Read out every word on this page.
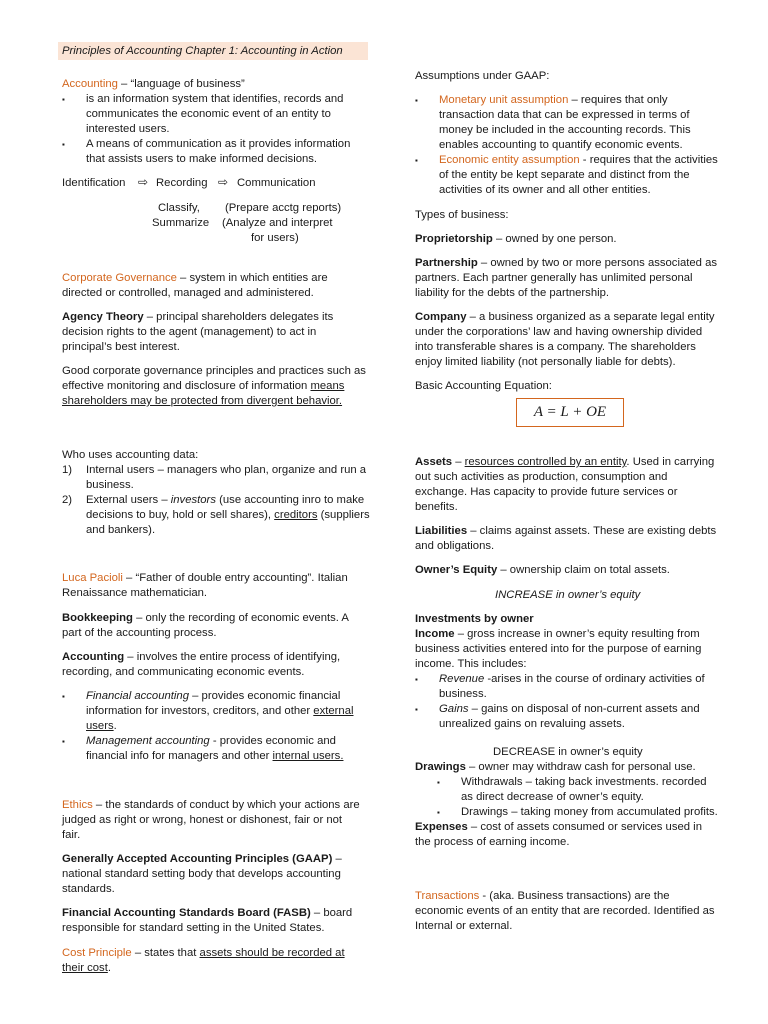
Principles of Accounting Chapter 1: Accounting in Action

Accounting – “language of business”

▪	is an information system that identifies, records and communicates the economic event of an entity to interested users.
▪	A means of communication as it provides information that assists users to make informed decisions.
Identification ⇨ Recording ⇨ Communication
Classify,
Summarize
(Prepare acctg reports)
(Analyze and interpret
for users)

Corporate Governance – system in which entities are directed or controlled, managed and administered.

Agency Theory – principal shareholders delegates its decision rights to the agent (management) to act in principal’s best interest.

Good corporate governance principles and practices such as effective monitoring and disclosure of information means shareholders may be protected from divergent behavior.

Who uses accounting data:

1) Internal users – managers who plan, organize and run a business.
2) External users – investors (use accounting inro to make decisions to buy, hold or sell shares), creditors (suppliers and bankers).

Luca Pacioli – “Father of double entry accounting”. Italian Renaissance mathematician.

Bookkeeping – only the recording of economic events. A part of the accounting process.

Accounting – involves the entire process of identifying, recording, and communicating economic events.

▪	Financial accounting – provides economic financial information for investors, creditors, and other external users.
▪	Management accounting - provides economic and financial info for managers and other internal users.

Ethics – the standards of conduct by which your actions are judged as right or wrong, honest or dishonest, fair or not fair.

Generally Accepted Accounting Principles (GAAP) – national standard setting body that develops accounting standards.

Financial Accounting Standards Board (FASB) – board responsible for standard setting in the United States.

Cost Principle – states that assets should be recorded at their cost.

Assumptions under GAAP:
▪	Monetary unit assumption – requires that only transaction data that can be expressed in terms of money be included in the accounting records. This enables accounting to quantify economic events.
▪	Economic entity assumption - requires that the activities of the entity be kept separate and distinct from the activities of its owner and all other entities.
Types of business:

Proprietorship – owned by one person.

Partnership – owned by two or more persons associated as partners. Each partner generally has unlimited personal liability for the debts of the partnership.

Company – a business organized as a separate legal entity under the corporations’ law and having ownership divided into transferable shares is a company. The shareholders enjoy limited liability (not personally liable for debts).

Basic Accounting Equation:
A = L + OE

Assets – resources controlled by an entity. Used in carrying out such activities as production, consumption and exchange. Has capacity to provide future services or benefits.

Liabilities – claims against assets. These are existing debts and obligations.

Owner’s Equity – ownership claim on total assets.

INCREASE in owner’s equity

Investments by owner

Income – gross increase in owner’s equity resulting from business activities entered into for the purpose of earning income. This includes:

▪	Revenue -arises in the course of ordinary activities of business.
▪	Gains – gains on disposal of non-current assets and unrealized gains on revaluing assets.
DECREASE in owner’s equity

Drawings – owner may withdraw cash for personal use.

▪	Withdrawals – taking back investments. recorded as direct decrease of owner’s equity.
▪	Drawings – taking money from accumulated profits.

Expenses – cost of assets consumed or services used in the process of earning income.

Transactions - (aka. Business transactions) are the economic events of an entity that are recorded. Identified as Internal or external.
